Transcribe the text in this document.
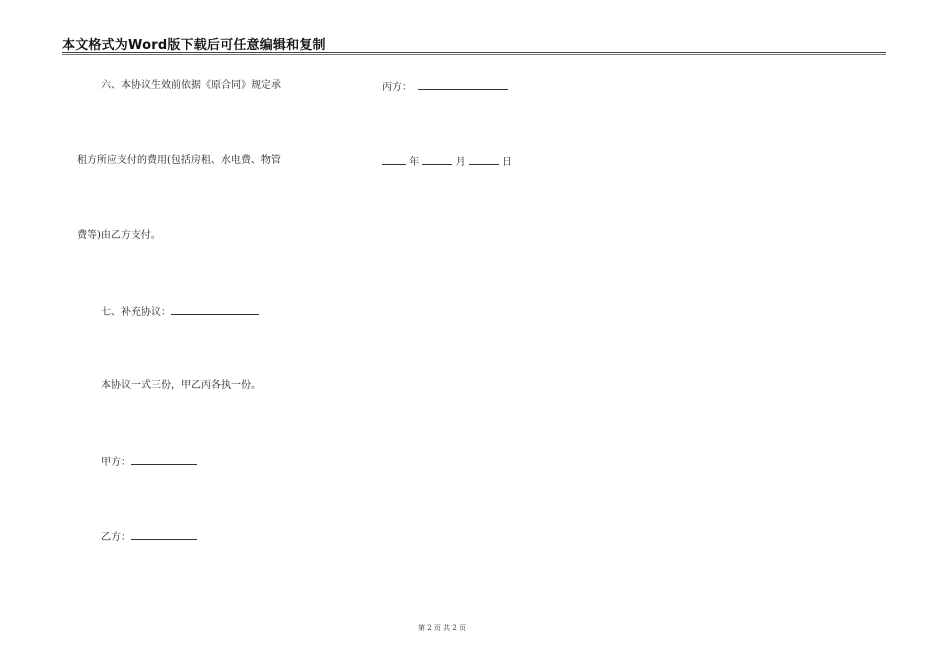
本文格式为Word版下载后可任意编辑和复制
六、本协议生效前依据《原合同》规定承
租方所应支付的费用(包括房租、水电费、物管
费等)由乙方支付。
七、补充协议：
本协议一式三份，甲乙丙各执一份。
甲方：
乙方：
丙方：
年	月	日
第 2 页 共 2 页
